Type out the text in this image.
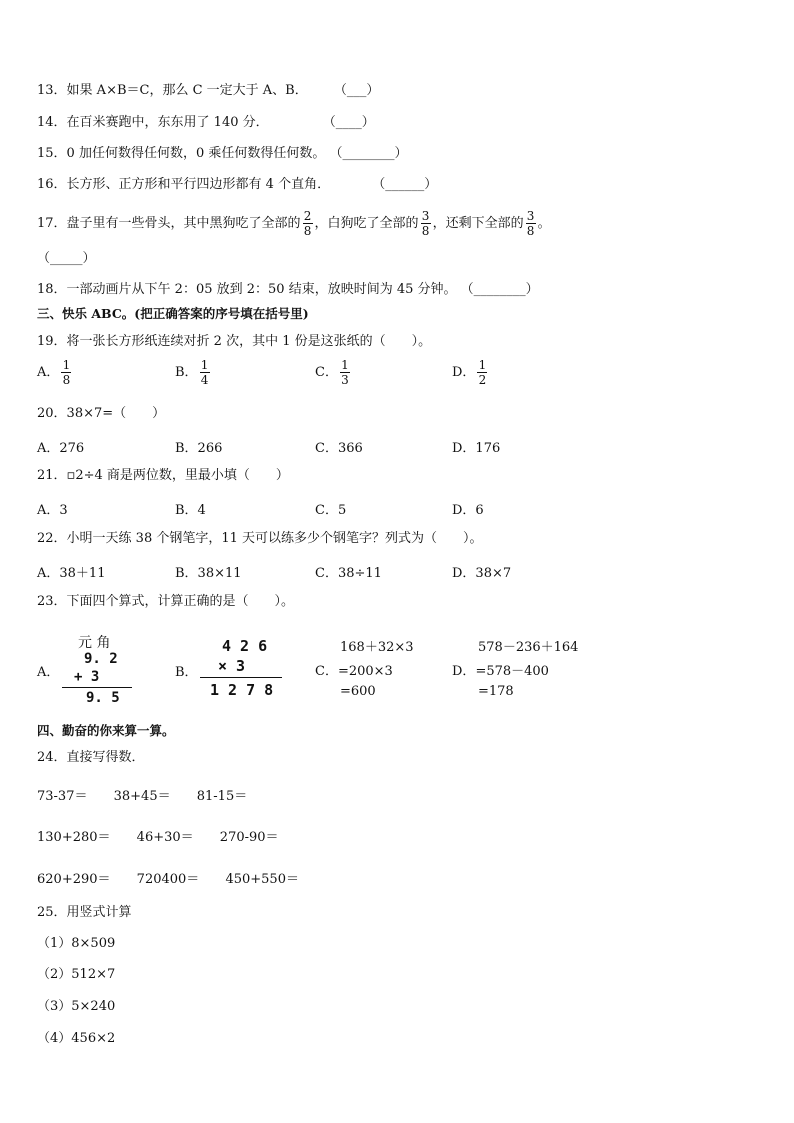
13．如果 A×B＝C，那么 C 一定大于 A、B． （___）
14．在百米赛跑中，东东用了 140 分．	（____）
15．0 加任何数得任何数，0 乘任何数得任何数。 （________）
16．长方形、正方形和平行四边形都有 4 个直角．	（______）
17．盘子里有一些骨头，其中黑狗吃了全部的 $\frac{2}{8}$ ，白狗吃了全部的 $\frac{3}{8}$ ，还剩下全部的 $\frac{3}{8}$ 。
（_____）
18．一部动画片从下午 2：05 放到 2：50 结束，放映时间为 45 分钟。 （________）
三、快乐 ABC。(把正确答案的序号填在括号里)
19．将一张长方形纸连续对折 2 次，其中 1 份是这张纸的（　　）。
A． $\frac{1}{8}$	B． $\frac{1}{4}$	C． $\frac{1}{3}$	D． $\frac{1}{2}$
20．38×7=（　　）
A．276	B．266	C．366	D．176
21．▫2÷4 商是两位数，里最小填（　　）
A．3	B．4	C．5	D．6
22．小明一天练 38 个钢笔字，11 天可以练多少个钢笔字？列式为（　　）。
A．38＋11	B．38×11	C．38÷11	D．38×7
23．下面四个算式，计算正确的是（　　）。
A．
元 角
9. 2
+ 3
9. 5
B．
4 2 6
× 3
1 2 7 8
168＋32×3
C．=200×3
=600
578－236＋164
D．=578－400
=178
四、勤奋的你来算一算。
24．直接写得数．
73-37＝ 38+45＝ 81-15＝
130+280＝ 46+30＝ 270-90＝
620+290＝ 720400＝ 450+550＝
25．用竖式计算
（1）8×509
（2）512×7
（3）5×240
（4）456×2
